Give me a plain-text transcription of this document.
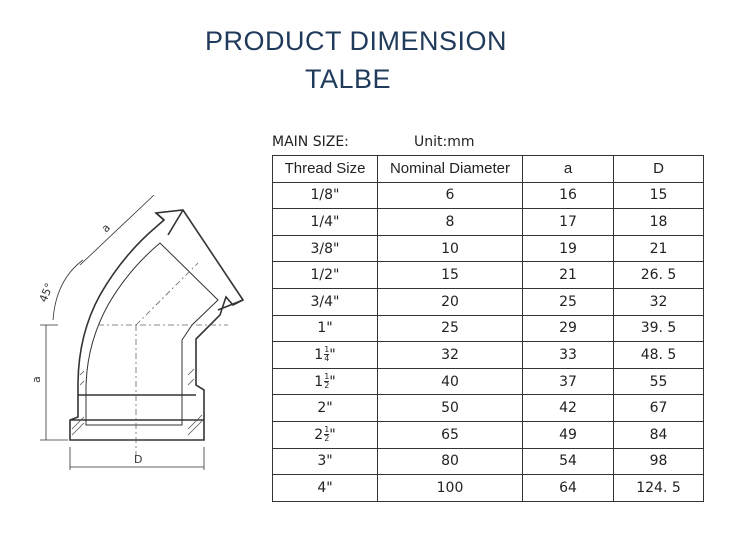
PRODUCT DIMENSION
TALBE
D
a
45°
a
MAIN SIZE:	Unit:mm
Thread Size	Nominal Diameter	a	D
1/8"	6	16	15
1/4"	8	17	18
3/8"	10	19	21
1/2"	15	21	26. 5
3/4"	20	25	32
1"	25	29	39. 5
$1 \frac{1}{4}$ "	32	33	48. 5
$1 \frac{1}{2}$ "	40	37	55
2"	50	42	67
$2 \frac{1}{2}$ "	65	49	84
3"	80	54	98
4"	100	64	124. 5
